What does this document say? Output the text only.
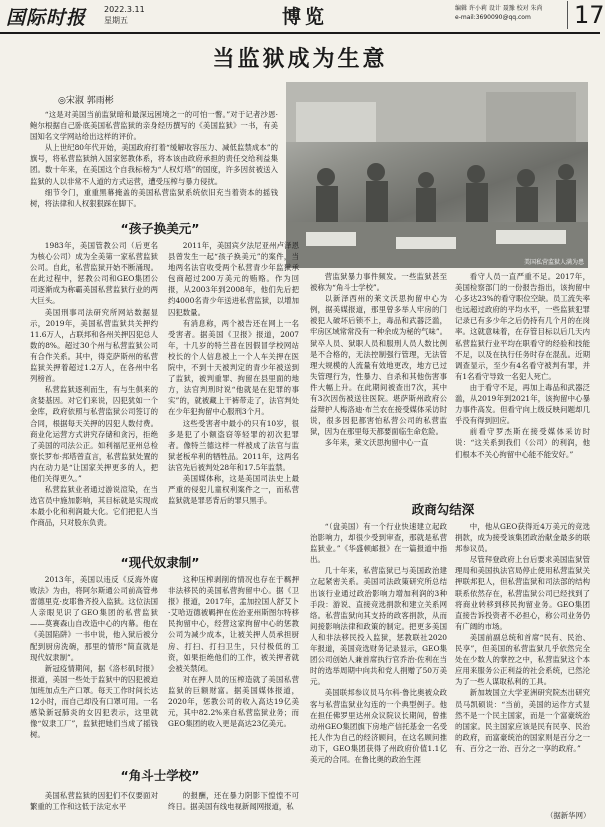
国际时报 2022.3.11
星期五	博览	编辑 许小莉 设计 聂豫 校对 朱尚
e-mail:3690090@qq.com	17
当监狱成为生意
◎宋淑 郭雨彬

“这是对美国当前监狱暗和最深远困境之一的可怕一瞥。”对于记者沙恩·鲍尔根据自己卧底美国私营监狱的亲身经历撰写的《美国监狱》一书，有美国知名文学网站给出这样的评价。

从上世纪80年代开始，美国政府打着“缓解收容压力、减低监禁成本”的旗号，将私营监狱纳入国家惩教体系，将本该由政府承担的责任交给利益集团。数十年来，在美国这个自我标榜为“人权灯塔”的国度，许多因贫被送入监狱的人以非常不人道的方式运营，遭受压榨与暴力侵扰。

细节令门，重重黑幕掩盖的美国私营监狱系统依旧充当着资本的摇钱树，将法律和人权狠狠踩在脚下。

美国私营监狱人满为患
“孩子换美元”

1983年，美国管教公司（后更名为核心公司）成为全美第一家私营监狱公司。自此，私营监狱开始不断涌现。在此过程中，惩教公司和GEO集团公司逐渐成为称霸美国私营监狱行业的两大巨头。

美国刑事司法研究所网站数据显示，2019年，美国私营监狱共关押约11.6万人，占联邦和各州关押囚犯总人数的8%。超过30个州与私营监狱公司有合作关系。其中，得克萨斯州的私营监狱关押着超过1.2万人，在各州中名列榜首。

私营监狱逐利而生，有与生俱来的贪婪基因。对它们来说，囚犯犹如一个金库，政府依照与私营监狱公司签订的合同，根据每天关押的囚犯人数付费。商业化运营方式讲究存储和贪污，拒绝了美国的司法公正。如利福尼亚州总检察长罗布·邦塔曾直言，私营监狱处置的内在动力是“让国家关押更多的人，把他们关得更久。”

私营监狱业者通过游说渲染，在当选官员中施加影响，其目标就是实现成本最小化和利润最大化。它们把犯人当作商品，只对股东负责。

2011年，美国宾夕法尼亚州卢泽恩县曾发生一起“孩子换美元”的案件，当地两名法官收受两个私营青少年监狱承包商超过200万美元的贿赂。作为回报，从2003年到2008年，他们先后把约4000名青少年送进私营监狱，以增加囚犯数量。

有消息称，两个被告还在网上一名受害者。据美国《卫报》报道，2007年，十几岁的特兰普在因假冒学校网站校长的个人信息被上一个人车关押在医院中，不到十天被判定的青少年被送到了监狱，被判重罪、拘留在县里面的地方，法官判刑时说“他就是在犯罪的事实”的，就被藏上干裤带走了，法官判处在少年犯拘留中心服刑3个月。

这些受害者中最小的只有10岁，很多是犯了小额盗窃等轻罪的初次犯罪者。像特兰德这样一样被成了法官与监狱老板牟利的牺牲品。2011年，这两名法官先后被判处28年和17.5年监禁。

美国媒体称，这是美国司法史上最严重的侵犯儿童权利案件之一，而私营监狱就是罪恶背后的罪只黑手。

营监狱暴力事件频发。一些监狱甚至被称为“角斗士学校”。

以新泽西州的莱文沃思拘留中心为例，据美媒报道，那里曾多举人牢房的门被犯人破坏后锁不上，毒品和武器泛滥，牢房区域常常没有一种余成为秘的气味”。狱卒人员、狱职人员和服刑人员人数比例是不合格的，无法控制强行管理，无法管理大规模的人流量有效地更改，地方已过失管理行为，性暴力、自杀和其他伤害事件大幅上升。在此期间被查出7次，其中有3次因伤被送往医院。堪萨斯州政府公益辩护人梅洛迪·布兰农在接受媒体采访时说，很多因犯都害怕私营公司的私营监狱，因为在那里每天都要面临生命危险。

多年来，莱文沃思拘留中心一直

看守人员一直严重不足。2017年，美国检察部门的一份报告指出，该拘留中心多达23%的看守职位空缺。员工流失率也远超过政府的平均水平，一些监狱犯罪记录已有多少年之后仍持有几个月的在岗率。这就意味着，在存管目标以后几天内私营监狱行业平均在职看守的经验和技能不足，以及在执行任务时存在混乱。近期调查显示，至少有4名看守被判有罪，并有1名看守导致一名犯人死亡。

由于看守不足，再加上毒品和武器泛滥，从2019年到2021年，该拘留中心暴力事件高发。但看守向上级反映问题却几乎没有得到回应。

前看守罗杰斯在接受媒体采访时说：“这关系到我们（公司）的利润，他们根本不关心拘留中心能不能安好。”

政商勾结深
“现代奴隶制”

2013年，美国以违反《反海外腐败法》为由，将阿尔斯通公司前高管弗雷德里克·皮耶鲁齐投入监狱。这位法国人亲眼见识了GEO集团的私营监狱——莫赛森山自改造中心的内幕。他在《美国陷阱》一书中说，他入狱后被分配到厨房洗碗，那里的情形“简直就是现代奴隶制”。

新冠疫情期间，据《洛杉矶时报》报道，美国一些处于监狱中的囚犯被迫加班加点生产口罩。每天工作时间长达12小时，而自己却没有口罩可用。一名感染新冠肺炎的女囚犯表示，这里就像“奴隶工厂”，监狱把她们当成了摇钱树。

这种压榨剥削的情况也存在于羁押非法移民的美国私营拘留中心。据《卫报》报道，2017年，孟加拉国人舒艾卜·艾哈迈德被羁押在佐治亚州斯图尔特移民拘留中心，经营这家拘留中心的惩教公司为减少成本，让被关押人员承担厨房、打扫、打扫卫生，只付极低的工资，如果拒绝他们的工作，被关押者就会被关禁闭。

对在押人员的压榨造就了美国私营监狱的巨额财富。据美国媒体报道，2020年，惩教公司的收入高达19亿美元，其中82.2%来自私营监狱业务；而GEO集团的收入更是高达23亿美元。

“（盘美国）有一个行业快速建立起政治影响力，却很少受到审查，那就是私营监狱业。”《华盛顿邮报》在一篇报道中指出。

几十年来，私营监狱已与美国政治建立起紧密关系。美国司法政策研究所总结出该行业通过政治影响力增加利润的3种手段：游说、直接竞选捐款和建立关系网络。私营监狱向其支持的政客捐款，从而间接影响法律和政策的制定。把更多美国人和非法移民投入监狱，惩教联社2020年报道，美国竞选财务记录显示，GEO集团公司创始人兼首席执行官乔治·佐利在当时的选举周期中向共和党人捐赠了50万美元。

美国联邦参议员马尔科·鲁比奥被众政客与私营监狱业勾连的一个典型例子。他在担任佛罗里达州众议院议长期间，曾推动州GEO集团旗下房地产信托基金一名受托人作为自己的经济顾问，在这名顾问推动下，GEO集团获得了州政府价值1.1亿美元的合同。在鲁比奥的政治生涯

中，他从GEO获得近4万美元的竞选捐款，成为接受该集团政治献金最多的联邦参议员。

尽管拜登政府上台后要求美国监狱管理局和美国执法官局停止使用私营监狱关押联邦犯人，但私营监狱和司法部的结构联系依然存在，私营监狱公司已经找到了将商业转移到移民拘留业务。GEO集团直接告诉投资者不必担心，称公司业务仍有广阔的市场。

美国前副总统和首席“民有、民治、民享”，但美国的私营监狱几乎依然完全处在少数人的掌控之中，私营监狱这个本应用来服务公正利益的社会系统，已然沦为了一些人谋取私利的工具。

新加坡国立大学亚洲研究院杰出研究员马凯硕说：“当前，美国的运作方式显然不是一个民主国家，而是一个富豪统治的国家。民主国家应该是民有民享、民治的政府，而富豪统治的国家则是百分之一有、百分之一治、百分之一享的政府。”

“角斗士学校”

美国私营监狱的因犯们不仅要面对繁重的工作和这低于法定水平

的报酬，还在暴力阴影下惶惶不可终日。据美国有线电视新闻网报道，私

（据新华网）
